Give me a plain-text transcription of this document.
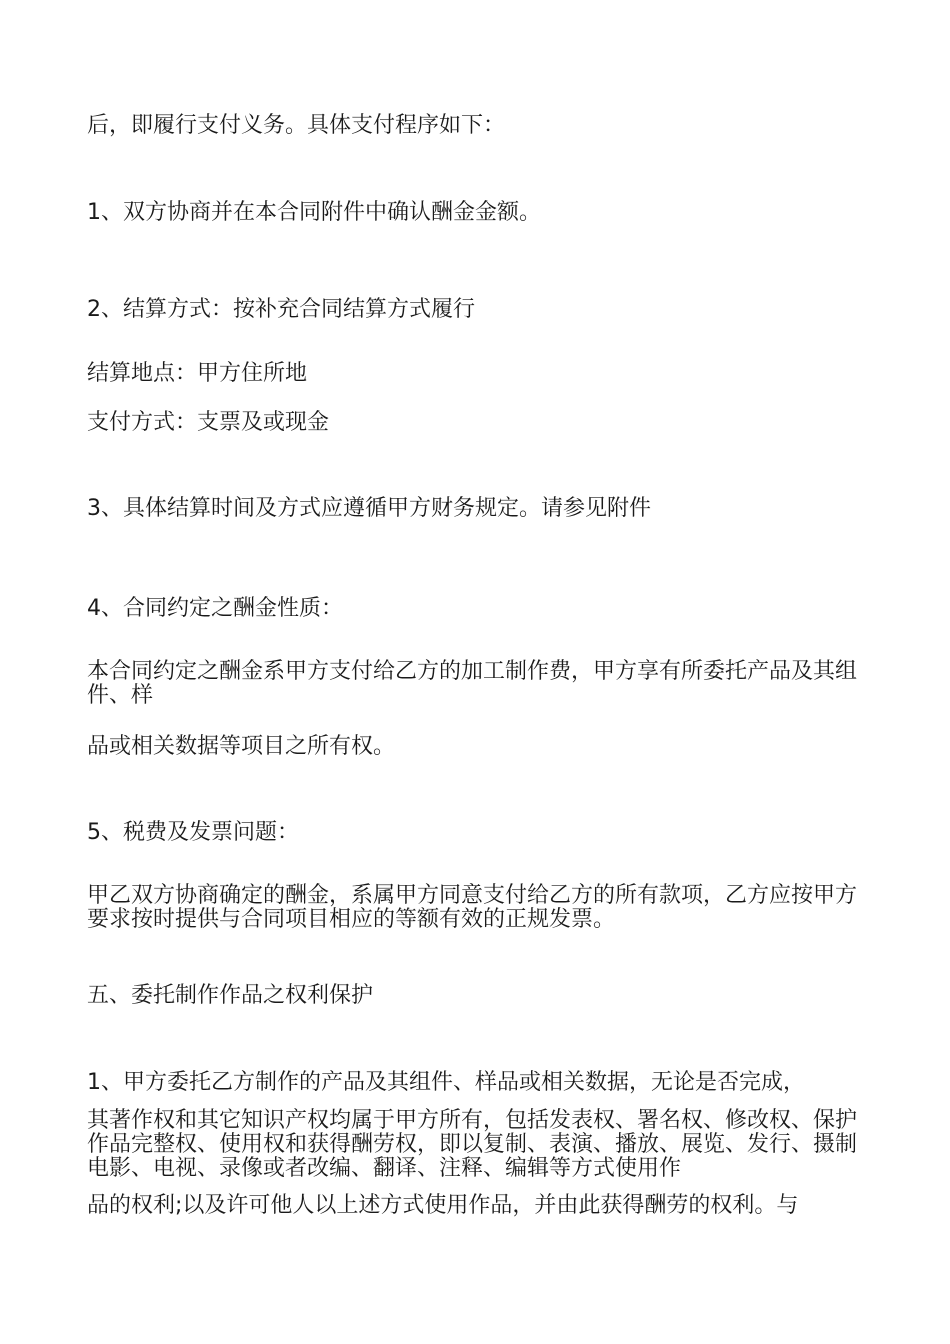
后，即履行支付义务。具体支付程序如下：
1、双方协商并在本合同附件中确认酬金金额。
2、结算方式：按补充合同结算方式履行
结算地点：甲方住所地
支付方式：支票及或现金
3、具体结算时间及方式应遵循甲方财务规定。请参见附件
4、合同约定之酬金性质：
本合同约定之酬金系甲方支付给乙方的加工制作费，甲方享有所委托产品及其组件、样
品或相关数据等项目之所有权。
5、税费及发票问题：
甲乙双方协商确定的酬金，系属甲方同意支付给乙方的所有款项，乙方应按甲方要求按时提供与合同项目相应的等额有效的正规发票。
五、委托制作作品之权利保护
1、甲方委托乙方制作的产品及其组件、样品或相关数据，无论是否完成，
其著作权和其它知识产权均属于甲方所有，包括发表权、署名权、修改权、保护作品完整权、使用权和获得酬劳权，即以复制、表演、播放、展览、发行、摄制电影、电视、录像或者改编、翻译、注释、编辑等方式使用作
品的权利;以及许可他人以上述方式使用作品，并由此获得酬劳的权利。与
